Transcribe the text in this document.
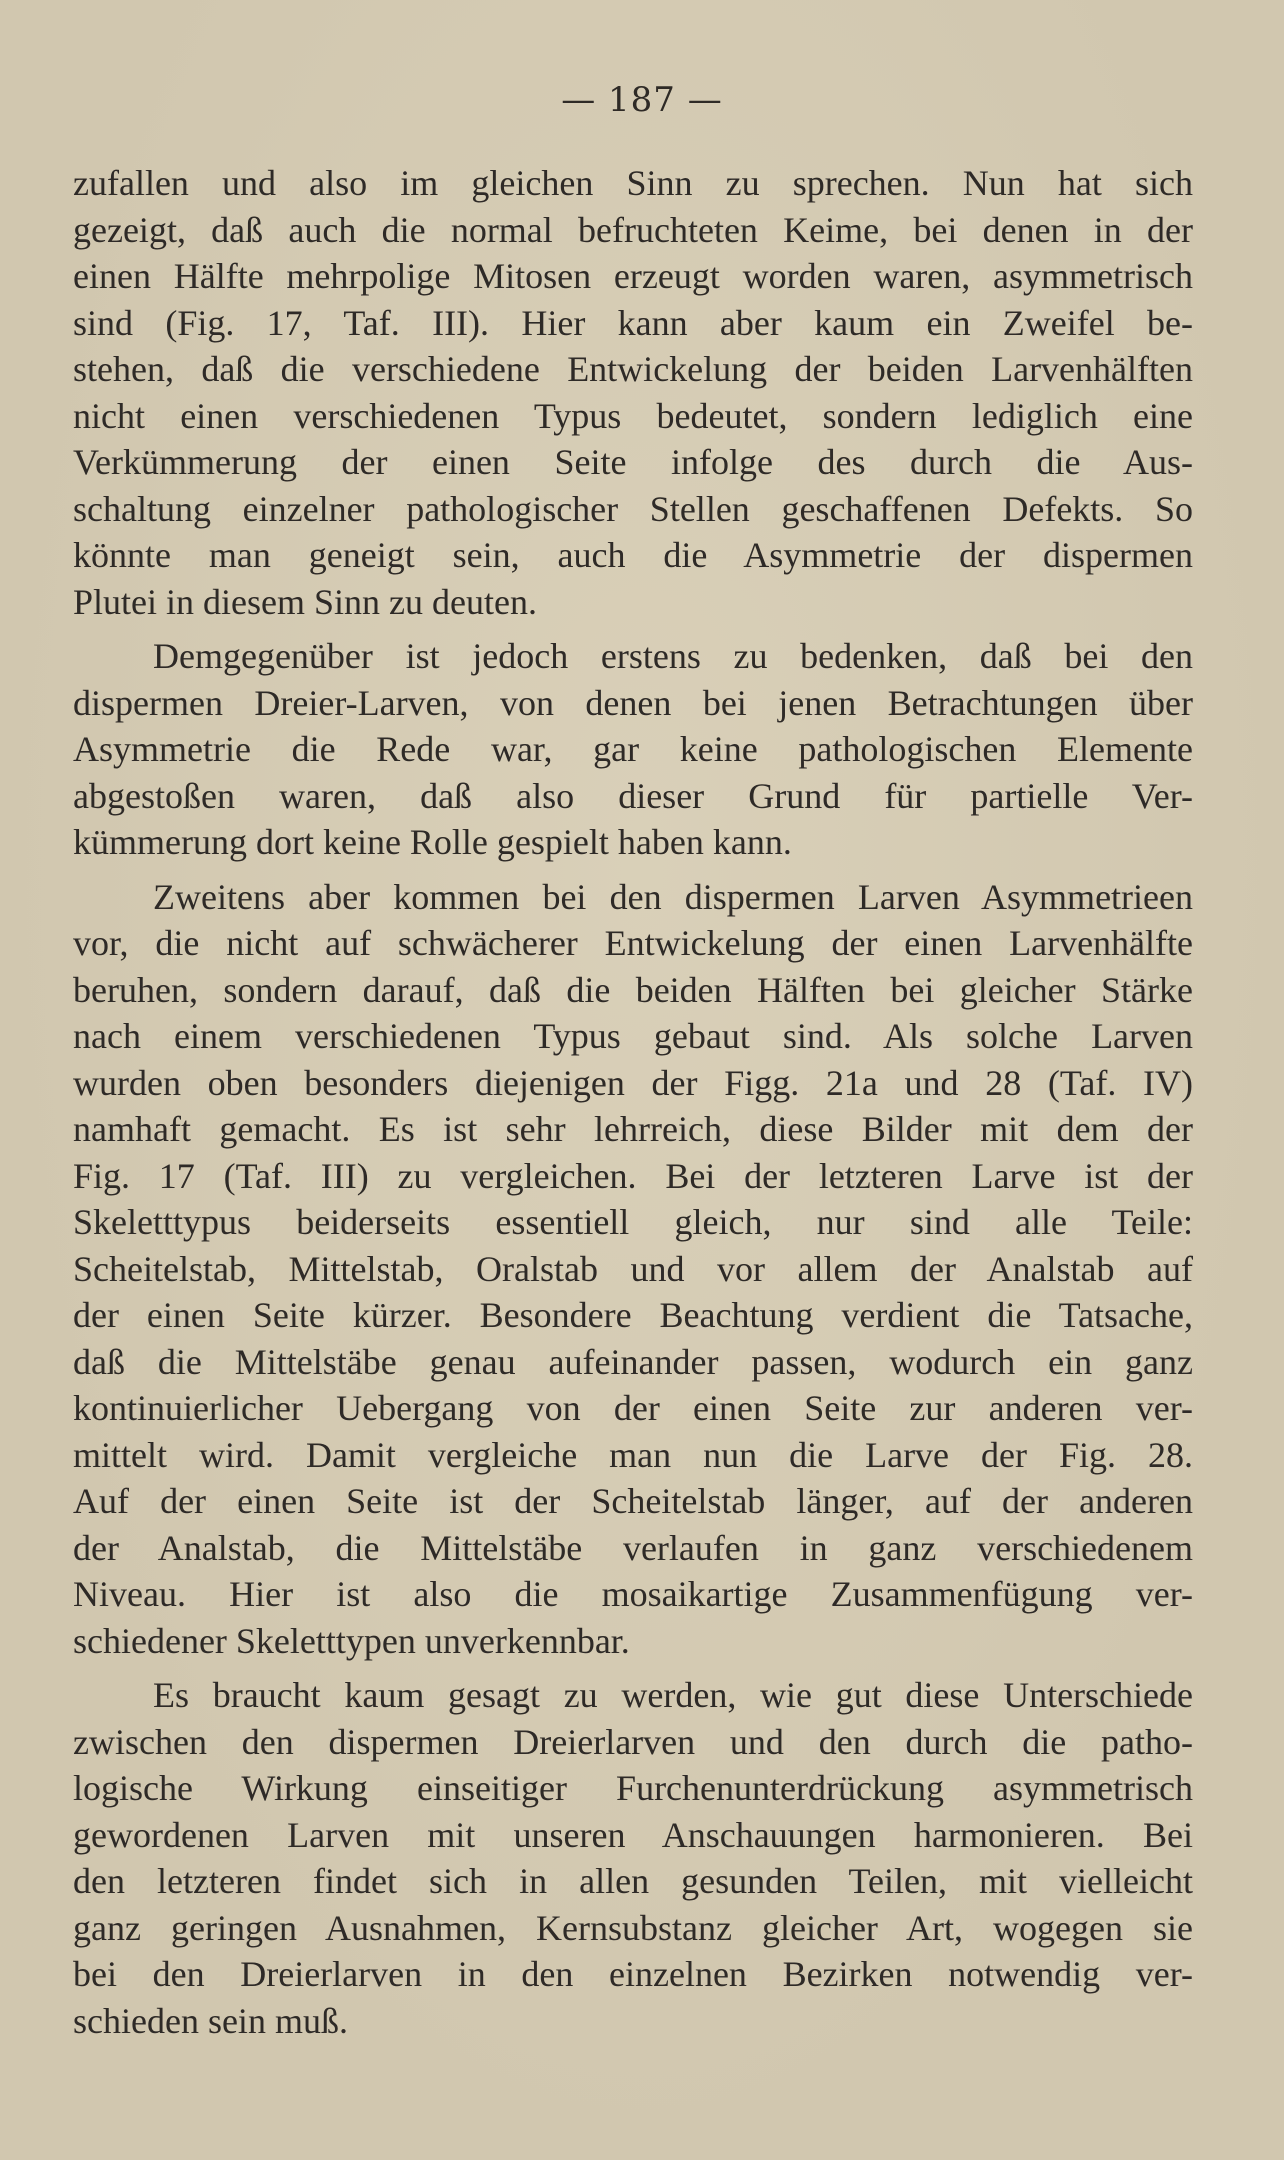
— 187 —
zufallen und also im gleichen Sinn zu sprechen. Nun hat sich
gezeigt, daß auch die normal befruchteten Keime, bei denen in der
einen Hälfte mehrpolige Mitosen erzeugt worden waren, asymmetrisch
sind (Fig. 17, Taf. III). Hier kann aber kaum ein Zweifel be-
stehen, daß die verschiedene Entwickelung der beiden Larvenhälften
nicht einen verschiedenen Typus bedeutet, sondern lediglich eine
Verkümmerung der einen Seite infolge des durch die Aus-
schaltung einzelner pathologischer Stellen geschaffenen Defekts. So
könnte man geneigt sein, auch die Asymmetrie der dispermen
Plutei in diesem Sinn zu deuten.
Demgegenüber ist jedoch erstens zu bedenken, daß bei den
dispermen Dreier-Larven, von denen bei jenen Betrachtungen über
Asymmetrie die Rede war, gar keine pathologischen Elemente
abgestoßen waren, daß also dieser Grund für partielle Ver-
kümmerung dort keine Rolle gespielt haben kann.
Zweitens aber kommen bei den dispermen Larven Asymmetrieen
vor, die nicht auf schwächerer Entwickelung der einen Larvenhälfte
beruhen, sondern darauf, daß die beiden Hälften bei gleicher Stärke
nach einem verschiedenen Typus gebaut sind. Als solche Larven
wurden oben besonders diejenigen der Figg. 21a und 28 (Taf. IV)
namhaft gemacht. Es ist sehr lehrreich, diese Bilder mit dem der
Fig. 17 (Taf. III) zu vergleichen. Bei der letzteren Larve ist der
Skeletttypus beiderseits essentiell gleich, nur sind alle Teile:
Scheitelstab, Mittelstab, Oralstab und vor allem der Analstab auf
der einen Seite kürzer. Besondere Beachtung verdient die Tatsache,
daß die Mittelstäbe genau aufeinander passen, wodurch ein ganz
kontinuierlicher Uebergang von der einen Seite zur anderen ver-
mittelt wird. Damit vergleiche man nun die Larve der Fig. 28.
Auf der einen Seite ist der Scheitelstab länger, auf der anderen
der Analstab, die Mittelstäbe verlaufen in ganz verschiedenem
Niveau. Hier ist also die mosaikartige Zusammenfügung ver-
schiedener Skeletttypen unverkennbar.
Es braucht kaum gesagt zu werden, wie gut diese Unterschiede
zwischen den dispermen Dreierlarven und den durch die patho-
logische Wirkung einseitiger Furchenunterdrückung asymmetrisch
gewordenen Larven mit unseren Anschauungen harmonieren. Bei
den letzteren findet sich in allen gesunden Teilen, mit vielleicht
ganz geringen Ausnahmen, Kernsubstanz gleicher Art, wogegen sie
bei den Dreierlarven in den einzelnen Bezirken notwendig ver-
schieden sein muß.
